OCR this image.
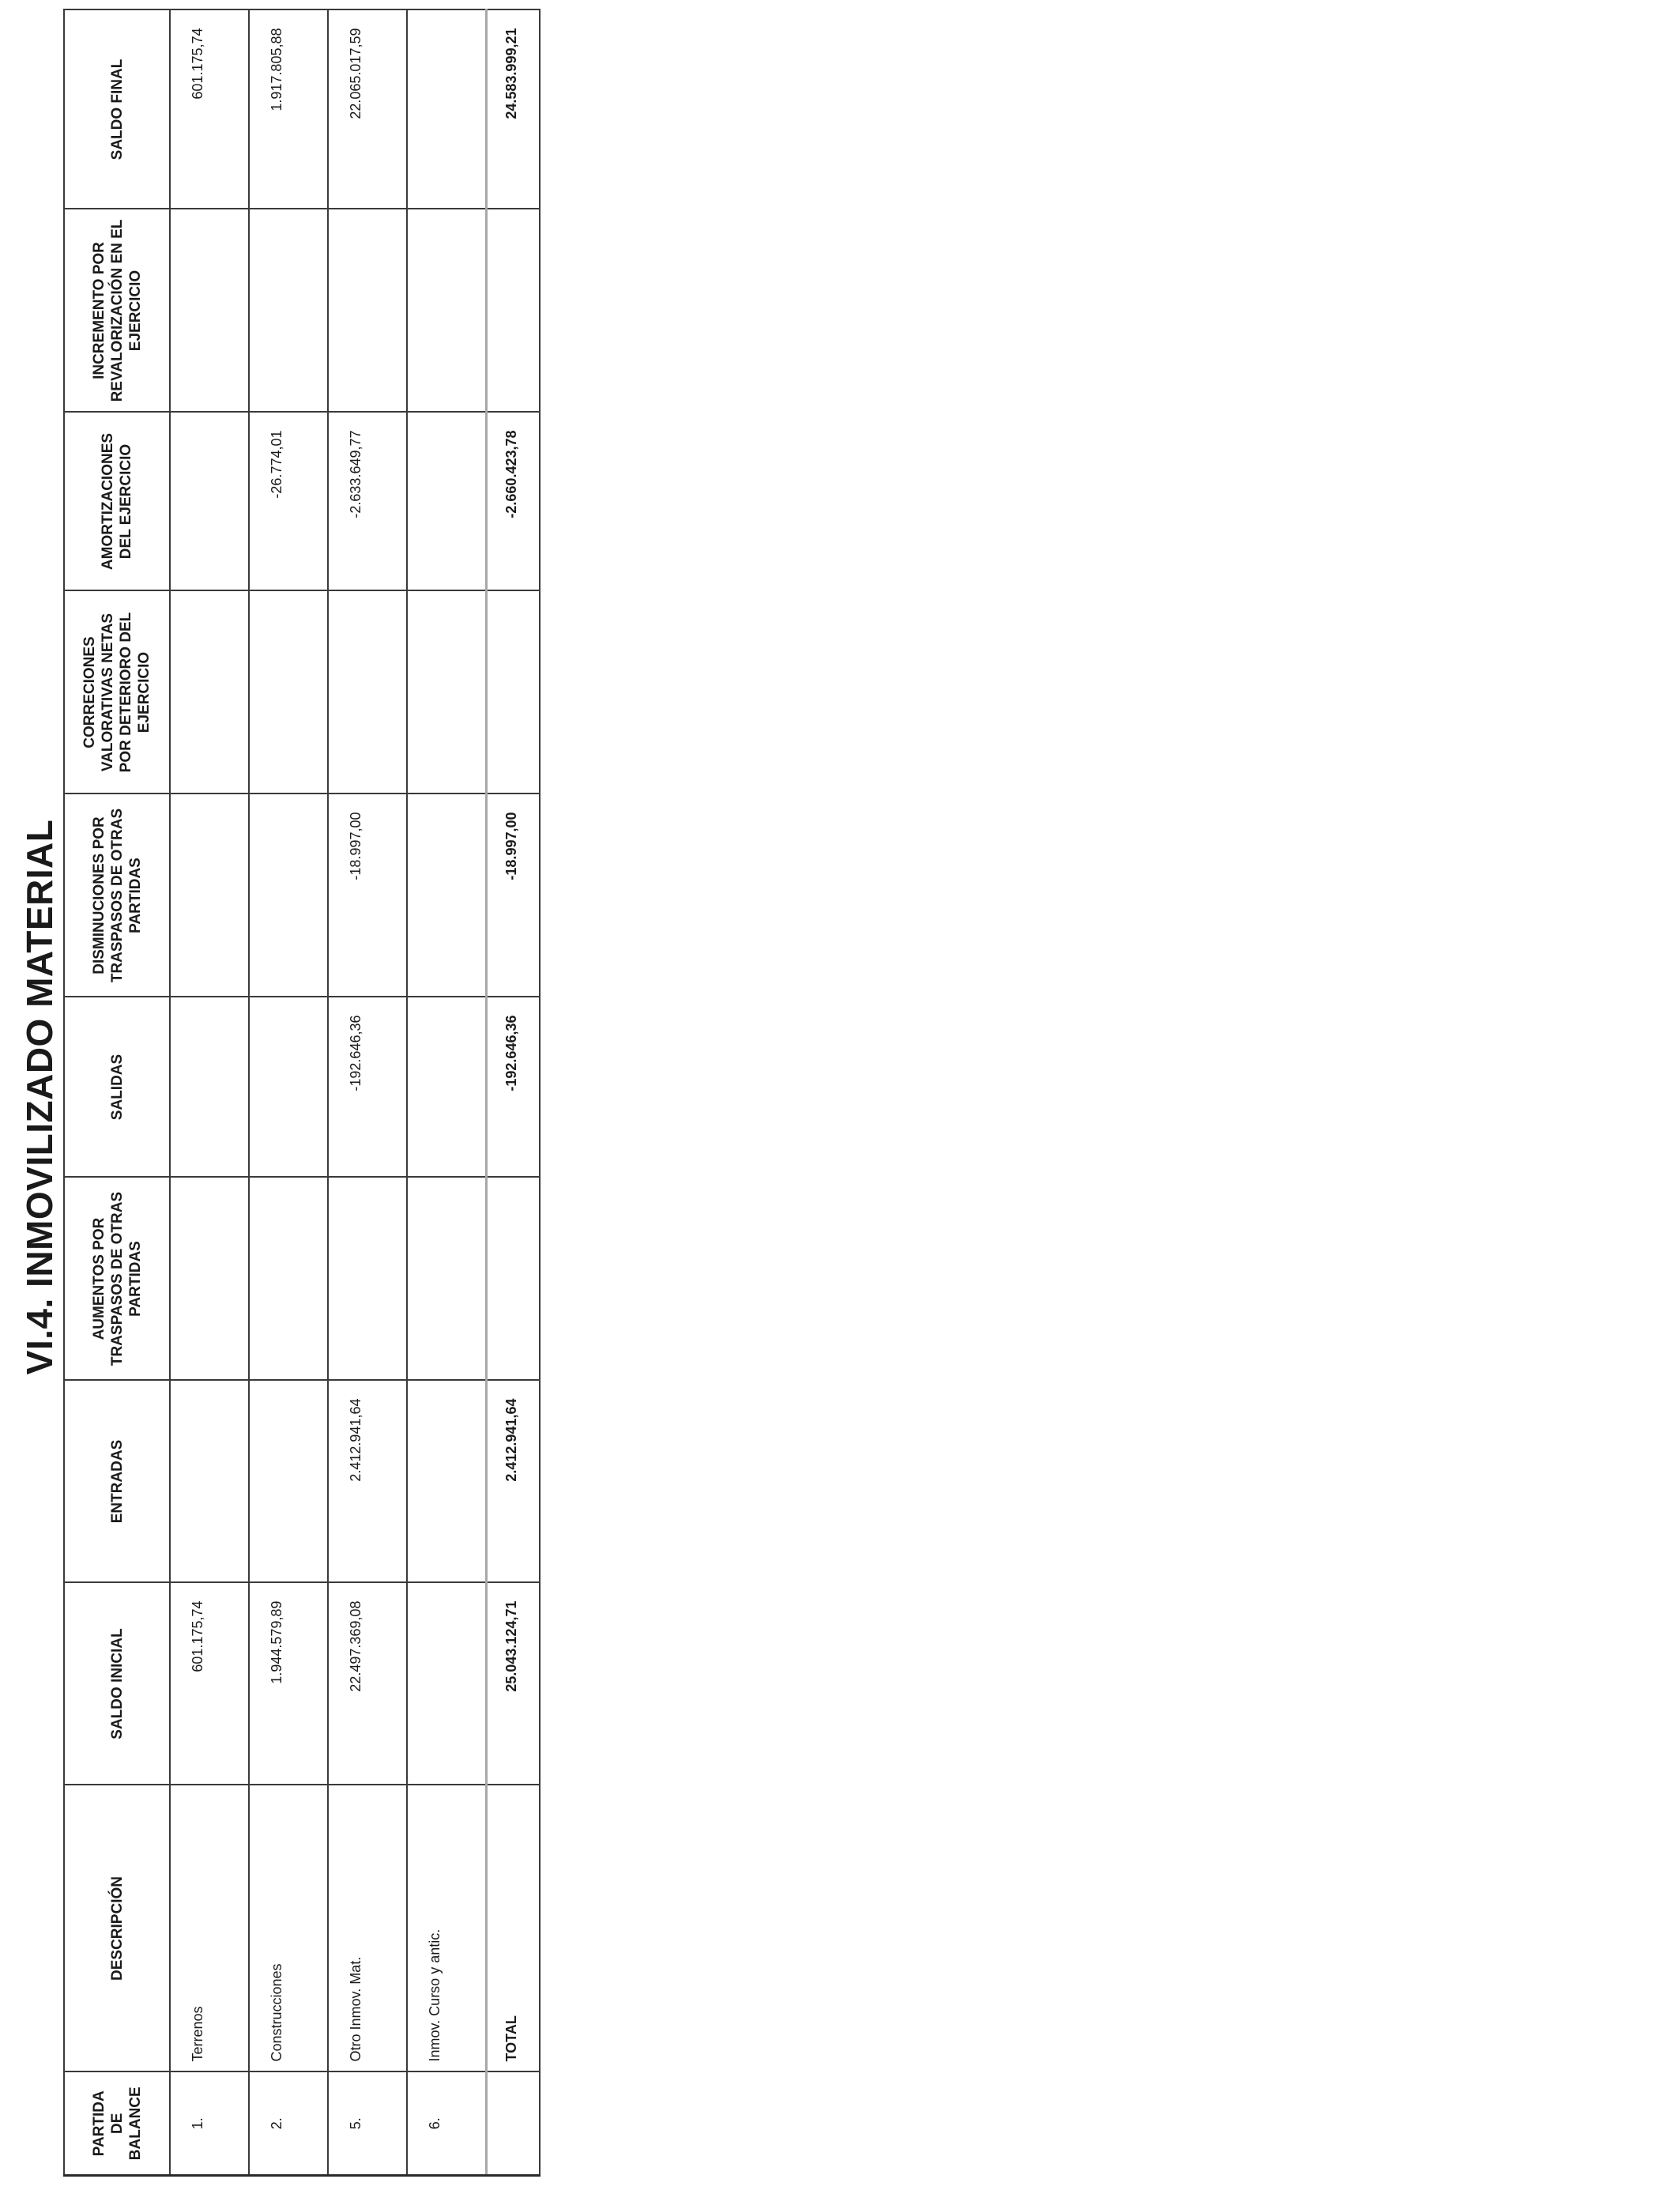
VI.4. INMOVILIZADO MATERIAL
PARTIDA DE BALANCE	DESCRIPCIÓN	SALDO INICIAL	ENTRADAS	AUMENTOS POR TRASPASOS DE OTRAS PARTIDAS	SALIDAS	DISMINUCIONES POR TRASPASOS DE OTRAS PARTIDAS	CORRECIONES VALORATIVAS NETAS POR DETERIORO DEL EJERCICIO	AMORTIZACIONES DEL EJERCICIO	INCREMENTO POR REVALORIZACIÓN EN EL EJERCICIO	SALDO FINAL
1.	Terrenos	601.175,74								601.175,74
2.	Construcciones	1.944.579,89						-26.774,01		1.917.805,88
5.	Otro Inmov. Mat.	22.497.369,08	2.412.941,64		-192.646,36	-18.997,00		-2.633.649,77		22.065.017,59
6.	Inmov. Curso y antic.									
	TOTAL	25.043.124,71	2.412.941,64		-192.646,36	-18.997,00		-2.660.423,78		24.583.999,21
